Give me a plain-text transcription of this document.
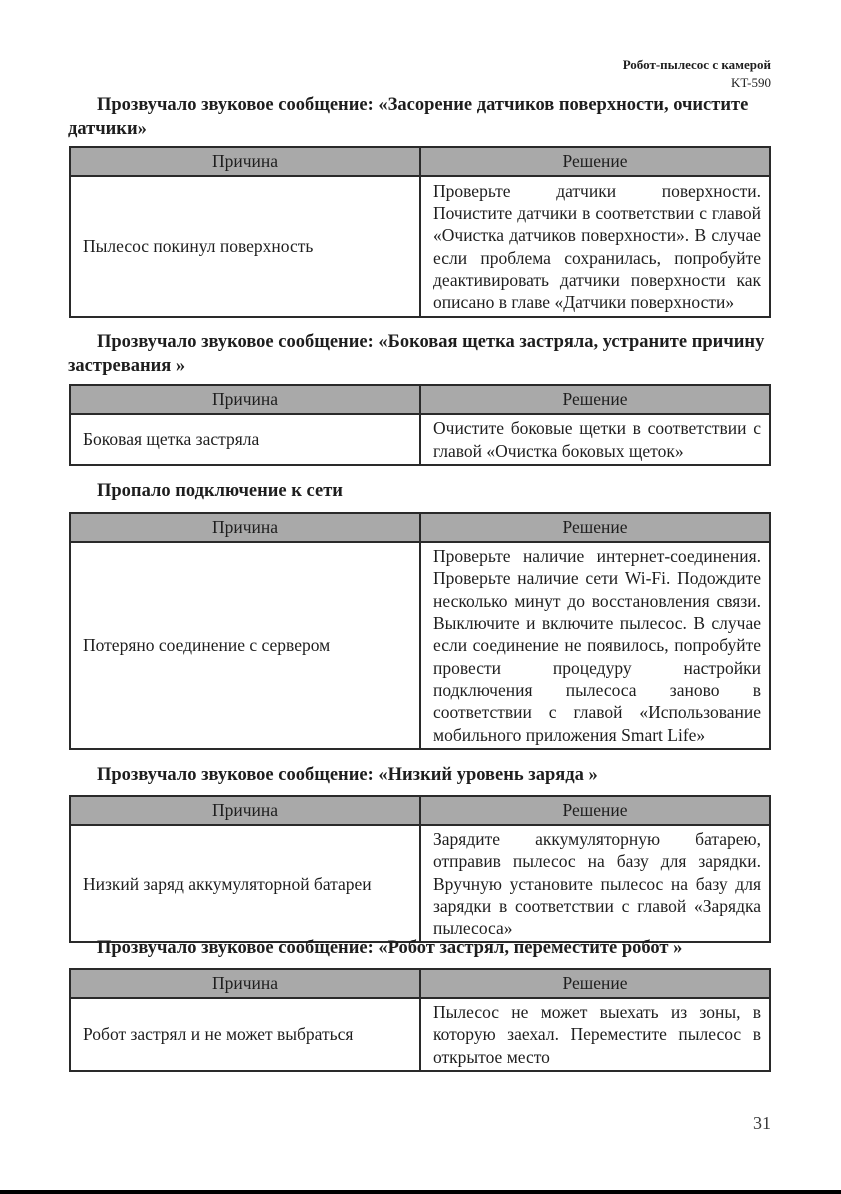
Робот-пылесос с камерой
KT-590
Прозвучало звуковое сообщение: «Засорение датчиков поверхности, очистите датчики»
Причина	Решение
Пылесос покинул поверхность	Проверьте датчики поверхности. Почистите датчики в соответствии с главой «Очистка датчиков поверхности». В случае если проблема сохранилась, попробуйте деактивировать датчики поверхности как описано в главе «Датчики поверхности»
Прозвучало звуковое сообщение: «Боковая щетка застряла, устраните причину застревания »
Причина	Решение
Боковая щетка застряла	Очистите боковые щетки в соответствии с главой «Очистка боковых щеток»
Пропало подключение к сети
Причина	Решение
Потеряно соединение с сервером	Проверьте наличие интернет-соединения. Проверьте наличие сети Wi-Fi. Подождите несколько минут до восстановления связи. Выключите и включите пылесос. В случае если соединение не появилось, попробуйте провести процедуру настройки подключения пылесоса заново в соответствии с главой «Использование мобильного приложения Smart Life»
Прозвучало звуковое сообщение: «Низкий уровень заряда »
Причина	Решение
Низкий заряд аккумуляторной батареи	Зарядите аккумуляторную батарею, отправив пылесос на базу для зарядки. Вручную установите пылесос на базу для зарядки в соответствии с главой «Зарядка пылесоса»
Прозвучало звуковое сообщение: «Робот застрял, переместите робот »
Причина	Решение
Робот застрял и не может выбраться	Пылесос не может выехать из зоны, в которую заехал. Переместите пылесос в открытое место
31
